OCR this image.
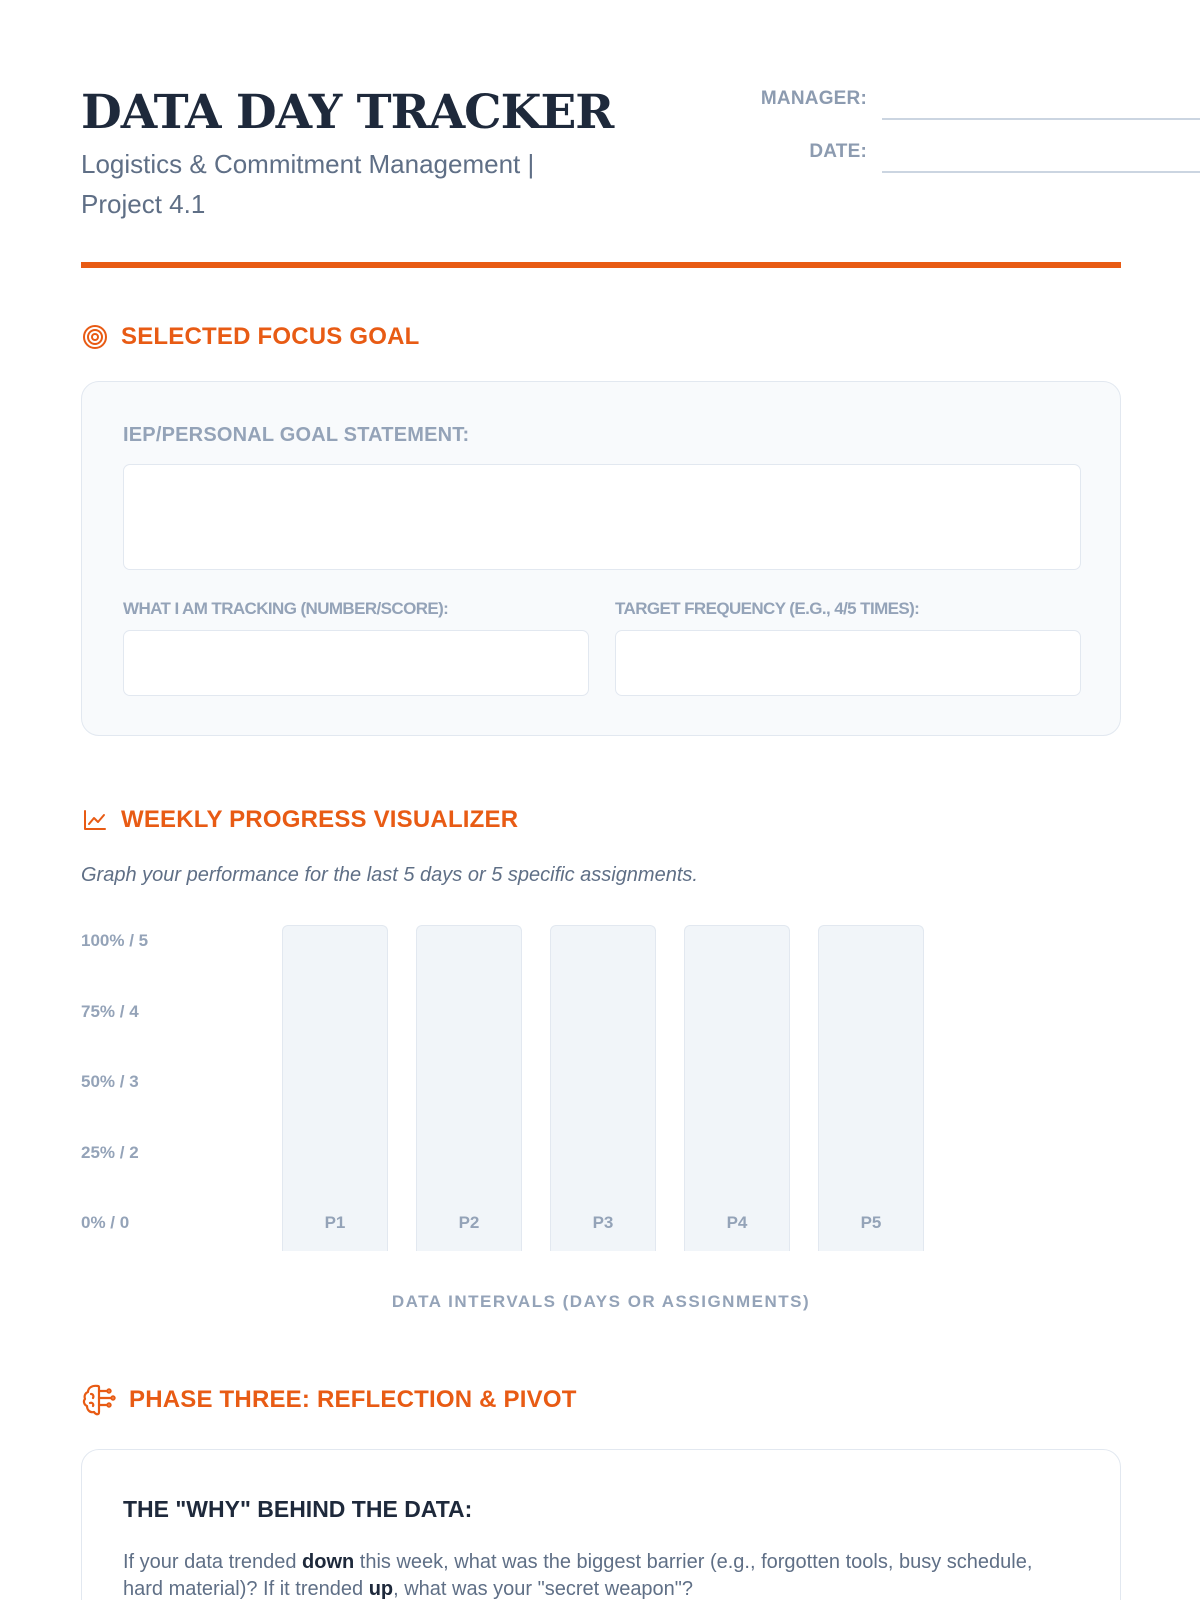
DATA DAY TRACKER
Logistics & Commitment Management | Project 4.1
MANAGER:
DATE:
SELECTED FOCUS GOAL
IEP/PERSONAL GOAL STATEMENT:
WHAT I AM TRACKING (NUMBER/SCORE):	TARGET FREQUENCY (E.G., 4/5 TIMES):
WEEKLY PROGRESS VISUALIZER
Graph your performance for the last 5 days or 5 specific assignments.
100% / 5
75% / 4
50% / 3
25% / 2
0% / 0	P1	P2	P3	P4	P5
DATA INTERVALS (DAYS OR ASSIGNMENTS)
PHASE THREE: REFLECTION & PIVOT
THE "WHY" BEHIND THE DATA:

If your data trended down this week, what was the biggest barrier (e.g., forgotten tools, busy schedule, hard material)? If it trended up, what was your "secret weapon"?
